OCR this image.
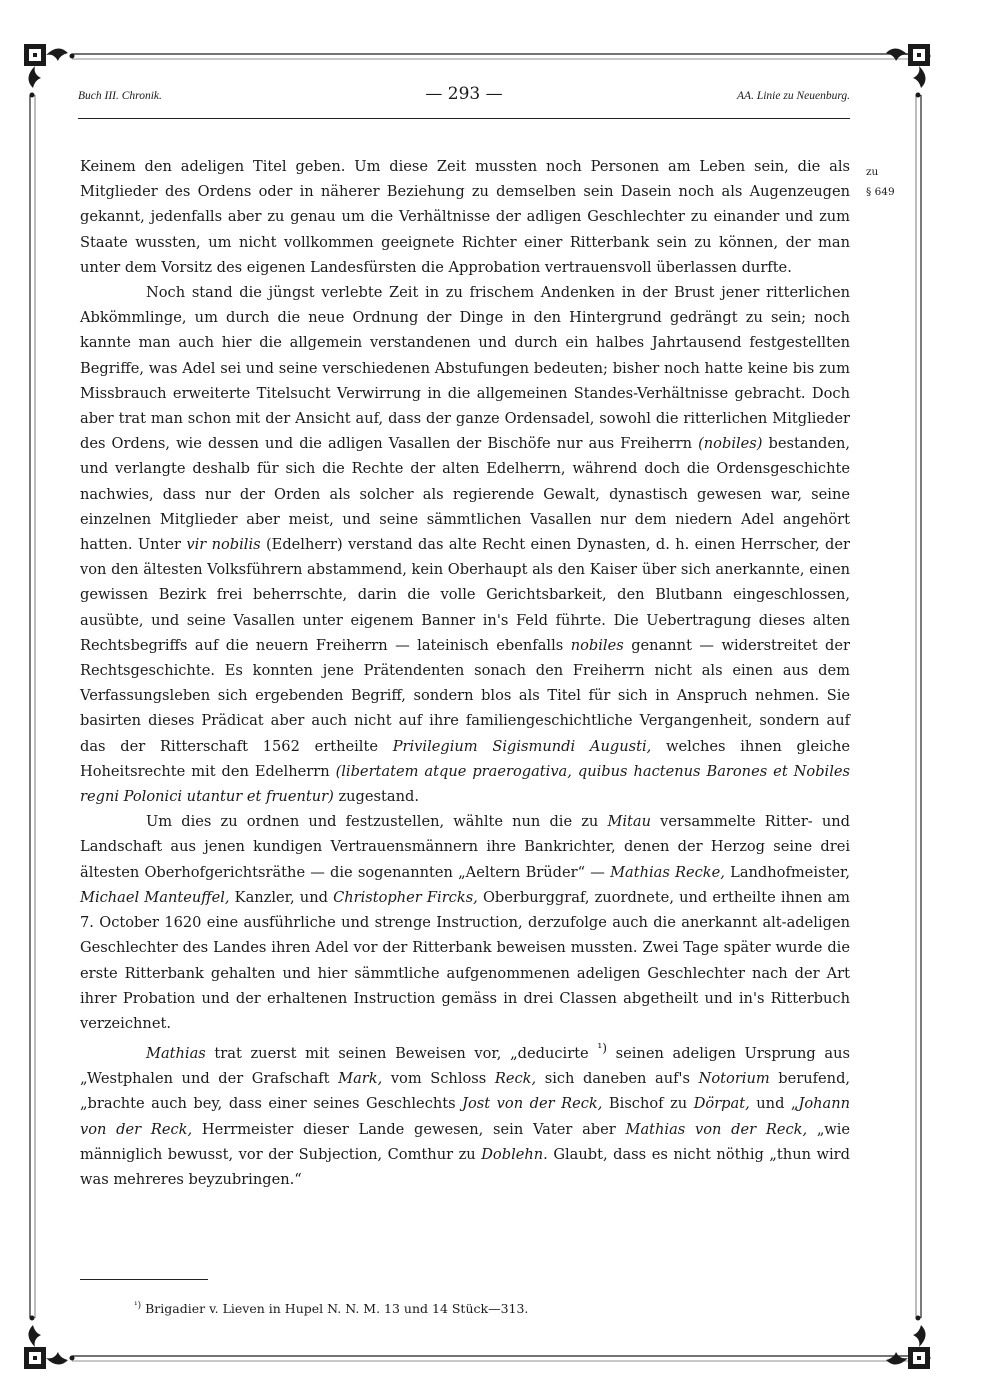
Buch III. Chronik.	— 293 —	AA. Linie zu Neuenburg.
zu
§ 649

Keinem den adeligen Titel geben. Um diese Zeit mussten noch Personen am Leben sein, die als Mitglieder des Ordens oder in näherer Beziehung zu demselben sein Dasein noch als Augenzeugen gekannt, jedenfalls aber zu genau um die Verhältnisse der adligen Geschlechter zu einander und zum Staate wussten, um nicht vollkommen geeignete Richter einer Ritterbank sein zu können, der man unter dem Vorsitz des eigenen Landesfürsten die Approbation vertrauensvoll überlassen durfte.

Noch stand die jüngst verlebte Zeit in zu frischem Andenken in der Brust jener ritterlichen Abkömmlinge, um durch die neue Ordnung der Dinge in den Hintergrund gedrängt zu sein; noch kannte man auch hier die allgemein verstandenen und durch ein halbes Jahrtausend festgestellten Begriffe, was Adel sei und seine verschiedenen Abstufungen bedeuten; bisher noch hatte keine bis zum Missbrauch erweiterte Titelsucht Verwirrung in die allgemeinen Standes-Verhältnisse gebracht. Doch aber trat man schon mit der Ansicht auf, dass der ganze Ordensadel, sowohl die ritterlichen Mitglieder des Ordens, wie dessen und die adligen Vasallen der Bischöfe nur aus Freiherrn (nobiles) bestanden, und verlangte deshalb für sich die Rechte der alten Edelherrn, während doch die Ordensgeschichte nachwies, dass nur der Orden als solcher als regierende Gewalt, dynastisch gewesen war, seine einzelnen Mitglieder aber meist, und seine sämmtlichen Vasallen nur dem niedern Adel angehört hatten. Unter vir nobilis (Edelherr) verstand das alte Recht einen Dynasten, d. h. einen Herrscher, der von den ältesten Volksführern abstammend, kein Oberhaupt als den Kaiser über sich anerkannte, einen gewissen Bezirk frei beherrschte, darin die volle Gerichtsbarkeit, den Blutbann eingeschlossen, ausübte, und seine Vasallen unter eigenem Banner in's Feld führte. Die Uebertragung dieses alten Rechtsbegriffs auf die neuern Freiherrn — lateinisch ebenfalls nobiles genannt — widerstreitet der Rechtsgeschichte. Es konnten jene Prätendenten sonach den Freiherrn nicht als einen aus dem Verfassungsleben sich ergebenden Begriff, sondern blos als Titel für sich in Anspruch nehmen. Sie basirten dieses Prädicat aber auch nicht auf ihre familiengeschichtliche Vergangenheit, sondern auf das der Ritterschaft 1562 ertheilte Privilegium Sigismundi Augusti, welches ihnen gleiche Hoheitsrechte mit den Edelherrn (libertatem atque praerogativa, quibus hactenus Barones et Nobiles regni Polonici utantur et fruentur) zugestand.

Um dies zu ordnen und festzustellen, wählte nun die zu Mitau versammelte Ritter- und Landschaft aus jenen kundigen Vertrauensmännern ihre Bankrichter, denen der Herzog seine drei ältesten Oberhofgerichtsräthe — die sogenannten „Aeltern Brüder“ — Mathias Recke, Landhofmeister, Michael Manteuffel, Kanzler, und Christopher Fircks, Oberburggraf, zuordnete, und ertheilte ihnen am 7. October 1620 eine ausführliche und strenge Instruction, derzufolge auch die anerkannt alt-adeligen Geschlechter des Landes ihren Adel vor der Ritterbank beweisen mussten. Zwei Tage später wurde die erste Ritterbank gehalten und hier sämmtliche aufgenommenen adeligen Geschlechter nach der Art ihrer Probation und der erhaltenen Instruction gemäss in drei Classen abgetheilt und in's Ritterbuch verzeichnet.

Mathias trat zuerst mit seinen Beweisen vor, „deducirte $^{^1)}$ seinen adeligen Ursprung aus „Westphalen und der Grafschaft Mark, vom Schloss Reck, sich daneben auf's Notorium berufend, „brachte auch bey, dass einer seines Geschlechts Jost von der Reck, Bischof zu Dörpat, und „Johann von der Reck, Herrmeister dieser Lande gewesen, sein Vater aber Mathias von der Reck, „wie männiglich bewusst, vor der Subjection, Comthur zu Doblehn. Glaubt, dass es nicht nöthig „thun wird was mehreres beyzubringen.“

$^{^1)}$ Brigadier v. Lieven in Hupel N. N. M. 13 und 14 Stück—313.
